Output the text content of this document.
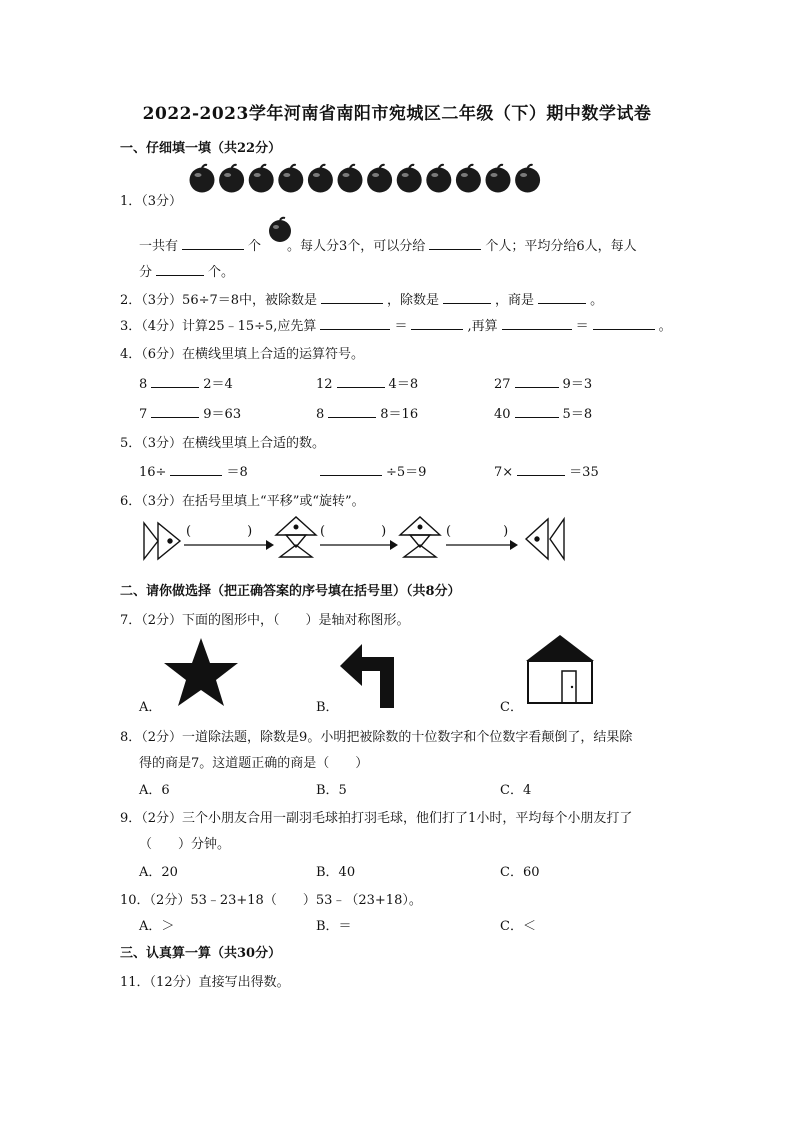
2022-2023学年河南省南阳市宛城区二年级（下）期中数学试卷
一、仔细填一填（共22分）
1．（3分）
一共有	个 。每人分3个，可以分给	个人；平均分给6人，每人
分	个。
2．（3分）56÷7＝8中，被除数是	，除数是	，商是	。
3．（4分）计算25﹣15÷5,应先算	＝	,再算	＝	。
4．（6分）在横线里填上合适的运算符号。
8	2＝4	12	4＝8	27	9＝3
7	9＝63	8	8＝16	40	5＝8
5．（3分）在横线里填上合适的数。
16÷	＝8	÷5＝9	7×	＝35
6．（3分）在括号里填上“平移”或“旋转”。
(	)	(	)	(	)
二、请你做选择（把正确答案的序号填在括号里）（共8分）
7．（2分）下面的图形中，（　　）是轴对称图形。
A．	B．	C．
8．（2分）一道除法题，除数是9。小明把被除数的十位数字和个位数字看颠倒了，结果除
得的商是7。这道题正确的商是（　　）
A．6	B．5	C．4
9．（2分）三个小朋友合用一副羽毛球拍打羽毛球，他们打了1小时，平均每个小朋友打了
（　　）分钟。
A．20	B．40	C．60
10．（2分）53﹣23+18（　　）53﹣（23+18）。
A．＞	B．＝	C．＜
三、认真算一算（共30分）
11．（12分）直接写出得数。
